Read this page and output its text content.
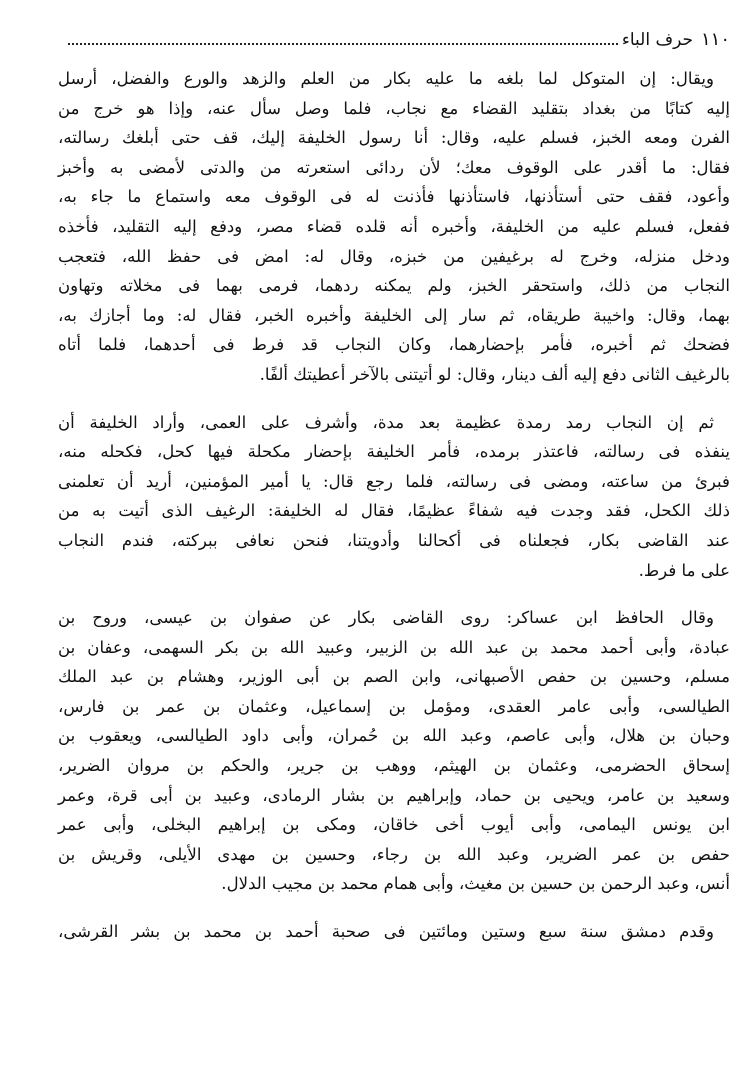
١١٠
حرف الباء
ويقال: إن المتوكل لما بلغه ما عليه بكار من العلم والزهد والورع والفضل، أرسل
إليه كتابًا من بغداد بتقليد القضاء مع نجاب، فلما وصل سأل عنه، وإذا هو خرج من
الفرن ومعه الخبز، فسلم عليه، وقال: أنا رسول الخليفة إليك، قف حتى أبلغك رسالته،
فقال: ما أقدر على الوقوف معك؛ لأن ردائى استعرته من والدتى لأمضى به وأخبز
وأعود، فقف حتى أستأذنها، فاستأذنها فأذنت له فى الوقوف معه واستماع ما جاء به،
ففعل، فسلم عليه من الخليفة، وأخبره أنه قلده قضاء مصر، ودفع إليه التقليد، فأخذه
ودخل منزله، وخرج له برغيفين من خبزه، وقال له: امض فى حفظ الله، فتعجب
النجاب من ذلك، واستحقر الخبز، ولم يمكنه ردهما، فرمى بهما فى مخلاته وتهاون
بهما، وقال: واخيبة طريقاه، ثم سار إلى الخليفة وأخبره الخبر، فقال له: وما أجازك به،
فضحك ثم أخبره، فأمر بإحضارهما، وكان النجاب قد فرط فى أحدهما، فلما أتاه
بالرغيف الثانى دفع إليه ألف دينار، وقال: لو أتيتنى بالآخر أعطيتك ألفًا.
ثم إن النجاب رمد رمدة عظيمة بعد مدة، وأشرف على العمى، وأراد الخليفة أن
ينفذه فى رسالته، فاعتذر برمده، فأمر الخليفة بإحضار مكحلة فيها كحل، فكحله منه،
فبرئ من ساعته، ومضى فى رسالته، فلما رجع قال: يا أمير المؤمنين، أريد أن تعلمنى
ذلك الكحل، فقد وجدت فيه شفاءً عظيمًا، فقال له الخليفة: الرغيف الذى أتيت به من
عند القاضى بكار، فجعلناه فى أكحالنا وأدويتنا، فنحن نعافى ببركته، فندم النجاب
على ما فرط.
وقال الحافظ ابن عساكر: روى القاضى بكار عن صفوان بن عيسى، وروح بن
عبادة، وأبى أحمد محمد بن عبد الله بن الزبير، وعبيد الله بن بكر السهمى، وعفان بن
مسلم، وحسين بن حفص الأصبهانى، وابن الصم بن أبى الوزير، وهشام بن عبد الملك
الطيالسى، وأبى عامر العقدى، ومؤمل بن إسماعيل، وعثمان بن عمر بن فارس،
وحبان بن هلال، وأبى عاصم، وعبد الله بن حُمران، وأبى داود الطيالسى، ويعقوب بن
إسحاق الحضرمى، وعثمان بن الهيثم، ووهب بن جرير، والحكم بن مروان الضرير،
وسعيد بن عامر، ويحيى بن حماد، وإبراهيم بن بشار الرمادى، وعبيد بن أبى قرة، وعمر
ابن يونس اليمامى، وأبى أيوب أخى خاقان، ومكى بن إبراهيم البخلى، وأبى عمر
حفص بن عمر الضرير، وعبد الله بن رجاء، وحسين بن مهدى الأيلى، وقريش بن
أنس، وعبد الرحمن بن حسين بن مغيث، وأبى همام محمد بن مجيب الدلال.
وقدم دمشق سنة سبع وستين ومائتين فى صحبة أحمد بن محمد بن بشر القرشى،
